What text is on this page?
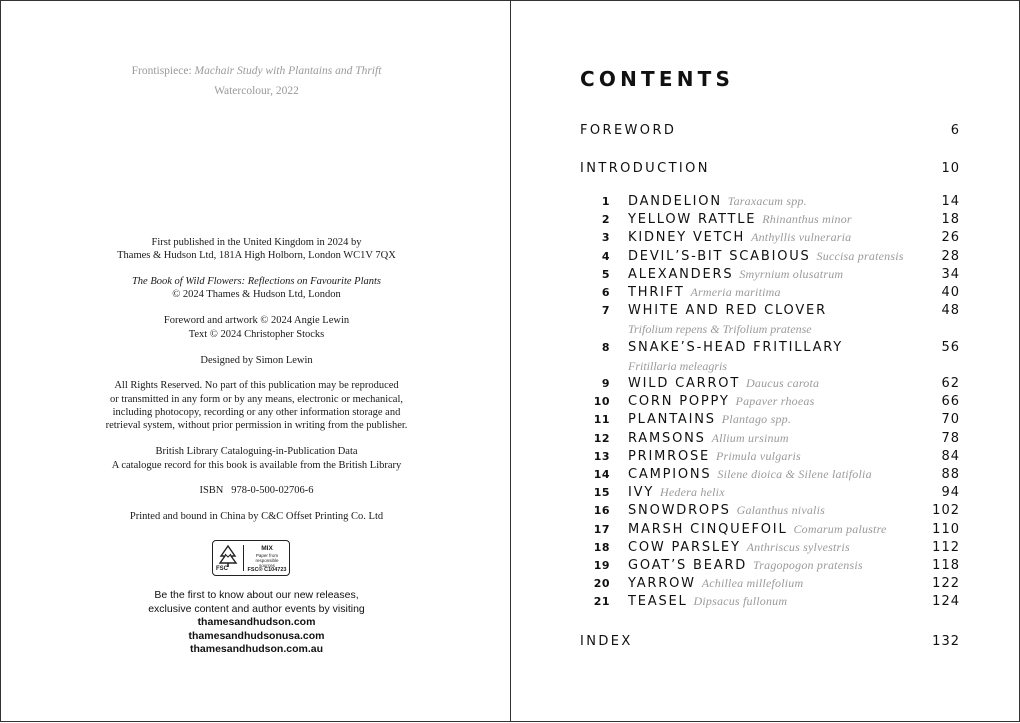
Frontispiece: Machair Study with Plantains and Thrift
Watercolour, 2022

First published in the United Kingdom in 2024 by
Thames & Hudson Ltd, 181A High Holborn, London WC1V 7QX

The Book of Wild Flowers: Reflections on Favourite Plants
© 2024 Thames & Hudson Ltd, London

Foreword and artwork © 2024 Angie Lewin
Text © 2024 Christopher Stocks

Designed by Simon Lewin

All Rights Reserved. No part of this publication may be reproduced
or transmitted in any form or by any means, electronic or mechanical,
including photocopy, recording or any other information storage and
retrieval system, without prior permission in writing from the publisher.

British Library Cataloguing-in-Publication Data
A catalogue record for this book is available from the British Library

ISBN   978-0-500-02706-6

Printed and bound in China by C&C Offset Printing Co. Ltd

FSC
MIX
Paper from responsible sources
FSC® C104723
Be the first to know about our new releases,
exclusive content and author events by visiting
thamesandhudson.com
thamesandhudsonusa.com
thamesandhudson.com.au
CONTENTS
FOREWORD	6
INTRODUCTION	10
1 DANDELION Taraxacum spp.	14
2 YELLOW RATTLE Rhinanthus minor	18
3 KIDNEY VETCH Anthyllis vulneraria	26
4 DEVIL’S-BIT SCABIOUS Succisa pratensis	28
5 ALEXANDERS Smyrnium olusatrum	34
6 THRIFT Armeria maritima	40
7 WHITE AND RED CLOVER	48
Trifolium repens & Trifolium pratense
8 SNAKE’S-HEAD FRITILLARY	56
Fritillaria meleagris
9 WILD CARROT Daucus carota	62
10 CORN POPPY Papaver rhoeas	66
11 PLANTAINS Plantago spp.	70
12 RAMSONS Allium ursinum	78
13 PRIMROSE Primula vulgaris	84
14 CAMPIONS Silene dioica & Silene latifolia	88
15 IVY Hedera helix	94
16 SNOWDROPS Galanthus nivalis	102
17 MARSH CINQUEFOIL Comarum palustre	110
18 COW PARSLEY Anthriscus sylvestris	112
19 GOAT’S BEARD Tragopogon pratensis	118
20 YARROW Achillea millefolium	122
21 TEASEL Dipsacus fullonum	124
INDEX	132
